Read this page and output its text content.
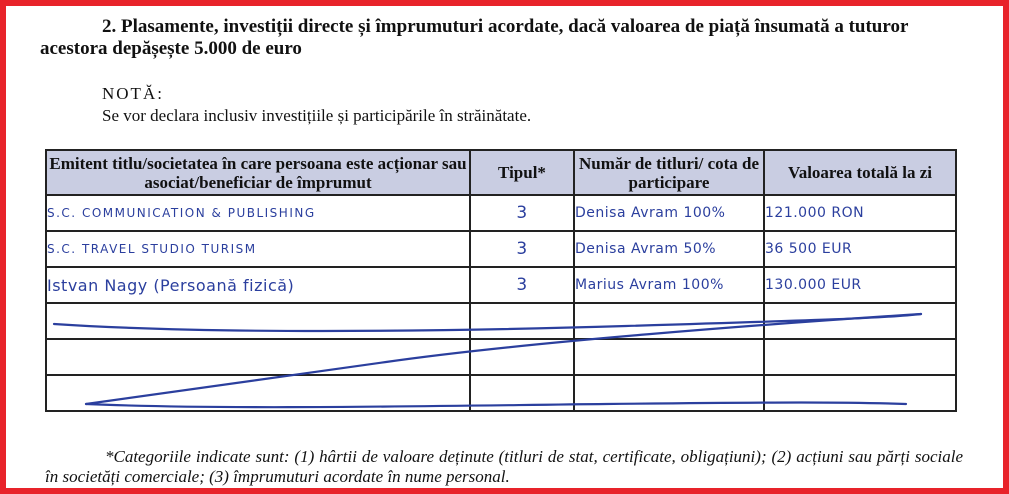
2. Plasamente, investiții directe și împrumuturi acordate, dacă valoarea de piață însumată a tuturor
acestora depășește 5.000 de euro
NOTĂ:
Se vor declara inclusiv investițiile și participările în străinătate.
Emitent titlu/societatea în care persoana este acționar sau asociat/beneficiar de împrumut	Tipul*	Număr de titluri/ cota de participare	Valoarea totală la zi
S.C. COMMUNICATION & PUBLISHING	3	Denisa Avram 100%	121.000 RON
S.C. TRAVEL STUDIO TURISM	3	Denisa Avram 50%	36 500 EUR
Istvan Nagy (Persoană fizică)	3	Marius Avram 100%	130.000 EUR

*Categoriile indicate sunt: (1) hârtii de valoare deținute (titluri de stat, certificate, obligațiuni); (2) acțiuni sau părți sociale în societăți comerciale; (3) împrumuturi acordate în nume personal.
